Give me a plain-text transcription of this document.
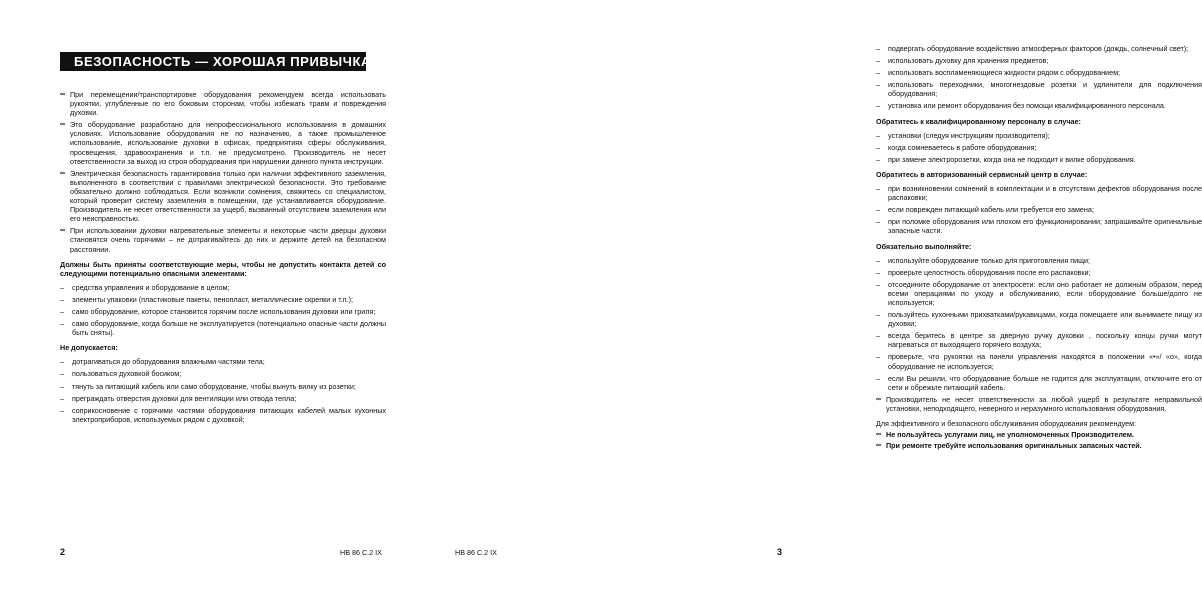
БЕЗОПАСНОСТЬ — ХОРОШАЯ ПРИВЫЧКА
∞ При перемещении/транспортировке оборудования рекомендуем всегда использовать рукоятки, углубленные по его боковым сторонам, чтобы избежать травм и повреждения духовки.
∞ Это оборудование разработано для непрофессионального использования в домашних условиях. Использование оборудования не по назначению, а также промышленное использование, использование духовки в офисах, предприятиях сферы обслуживания, просвещения, здравоохранения и т.п. не предусмотрено. Производитель не несет ответственности за выход из строя оборудования при нарушении данного пункта инструкции.
∞ Электрическая безопасность гарантирована только при наличии эффективного заземления, выполненного в соответствии с правилами электрической безопасности. Это требование обязательно должно соблюдаться. Если возникли сомнения, свяжитесь со специалистом, который проверит систему заземления в помещении, где устанавливается оборудование. Производитель не несет ответственности за ущерб, вызванный отсутствием заземления или его неисправностью.
∞ При использовании духовки нагревательные элементы и некоторые части дверцы духовки становятся очень горячими – не дотрагивайтесь до них и держите детей на безопасном расстоянии.
Должны быть приняты соответствующие меры, чтобы не допустить контакта детей со следующими потенциально опасными элементами:
– средства управления и оборудование в целом;
– элементы упаковки (пластиковые пакеты, пенопласт, металлические скрепки и т.п.);
– само оборудование, которое становится горячим после использования духовки или гриля;
– само оборудование, когда больше не эксплуатируется (потенциально опасные части должны быть сняты).
Не допускается:
– дотрагиваться до оборудования влажными частями тела;
– пользоваться духовкой босиком;
– тянуть за питающий кабель или само оборудование, чтобы вынуть вилку из розетки;
– преграждать отверстия духовки для вентиляции или отвода тепла;
– соприкосновение с горячими частями оборудования питающих кабелей малых кухонных электроприборов, используемых рядом с духовкой;
2	HB 86 C.2 IX
– подвергать оборудование воздействию атмосферных факторов (дождь, солнечный свет);
– использовать духовку для хранения предметов;
– использовать воспламеняющиеся жидкости рядом с оборудованием;
– использовать переходники, многогнездовые розетки и удлинители для подключения оборудования;
– установка или ремонт оборудования без помощи квалифицированного персонала.
Обратитесь к квалифицированному персоналу в случае:
– установки (следуя инструкциям производителя);
– когда сомневаетесь в работе оборудования;
– при замене электророзетки, когда она не подходит к вилке оборудования.
Обратитесь в авторизованный сервисный центр в случае:
– при возникновении сомнений в комплектации и в отсутствии дефектов оборудования после распаковки;
– если поврежден питающий кабель или требуется его замена;
– при поломке оборудования или плохом его функционировании; запрашивайте оригинальные запасные части.
Обязательно выполняйте:
– используйте оборудование только для приготовления пищи;
– проверьте целостность оборудования после его распаковки;
– отсоедините оборудование от электросети: если оно работает не должным образом, перед всеми операциями по уходу и обслуживанию, если оборудование больше/долго не используется;
– пользуйтесь кухонными прихватками/рукавицами, когда помещаете или вынимаете пищу из духовки;
– всегда беритесь в центре за дверную ручку духовки , поскольку концы ручки могут нагреваться от выходящего горячего воздуха;
– проверьте, что рукоятки на панели управления находятся в положении «•»/ «o», когда оборудование не используется;
– если Вы решили, что оборудование больше не годится для эксплуатации, отключите его от сети и обрежьте питающий кабель.
∞ Производитель не несет ответственности за любой ущерб в результате неправильной установки, неподходящего, неверного и неразумного использования оборудования.
Для эффективного и безопасного обслуживания оборудования рекомендуем:
∞ Не пользуйтесь услугами лиц, не уполномоченных Производителем.
∞ При ремонте требуйте использования оригинальных запасных частей.
HB 86 C.2 IX	3
